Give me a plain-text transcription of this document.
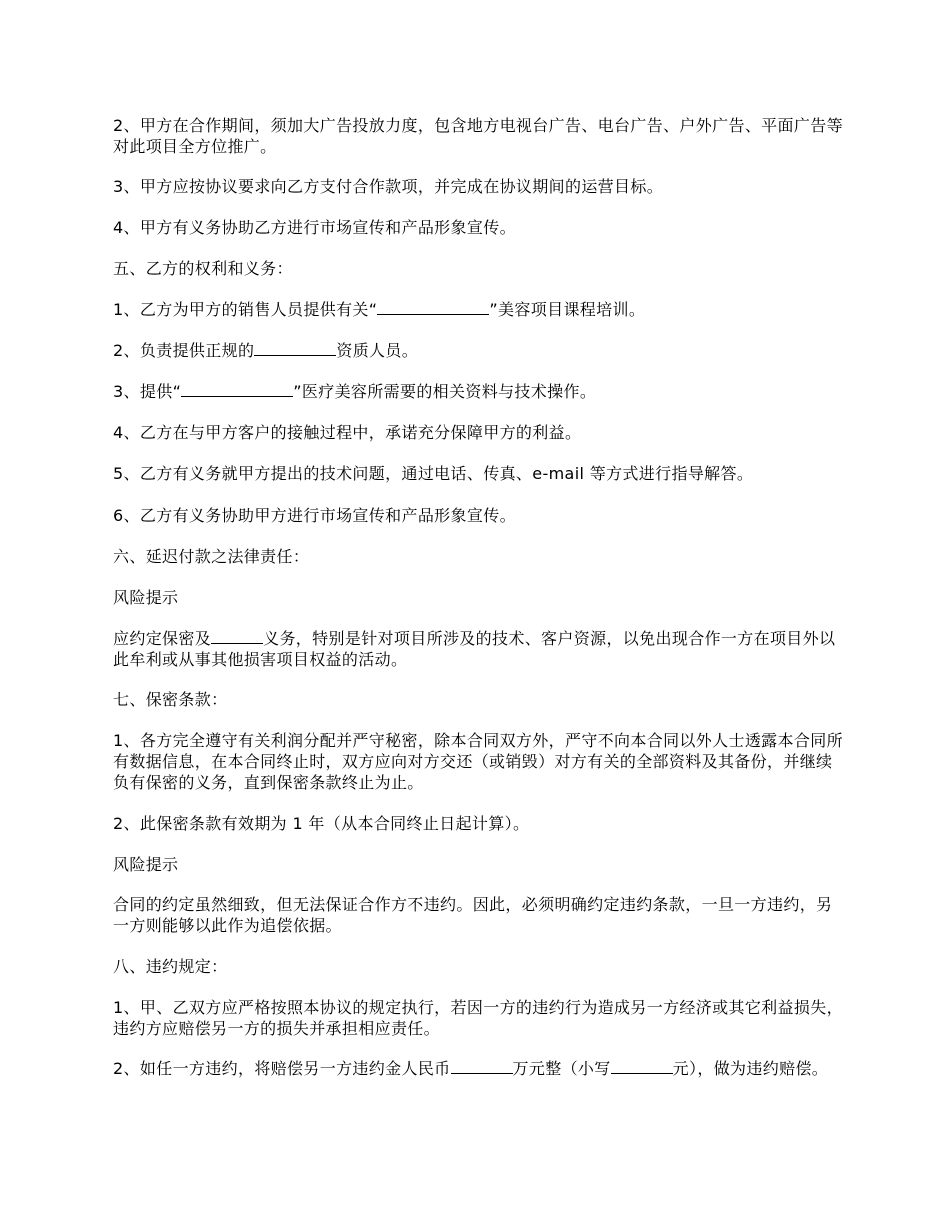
2、甲方在合作期间，须加大广告投放力度，包含地方电视台广告、电台广告、户外广告、平面广告等对此项目全方位推广。

3、甲方应按协议要求向乙方支付合作款项，并完成在协议期间的运营目标。

4、甲方有义务协助乙方进行市场宣传和产品形象宣传。

五、乙方的权利和义务：

1、乙方为甲方的销售人员提供有关“	”美容项目课程培训。

2、负责提供正规的	资质人员。

3、提供“	”医疗美容所需要的相关资料与技术操作。

4、乙方在与甲方客户的接触过程中，承诺充分保障甲方的利益。

5、乙方有义务就甲方提出的技术问题，通过电话、传真、e-mail 等方式进行指导解答。

6、乙方有义务协助甲方进行市场宣传和产品形象宣传。

六、延迟付款之法律责任：

风险提示

应约定保密及	义务，特别是针对项目所涉及的技术、客户资源，以免出现合作一方在项目外以此牟利或从事其他损害项目权益的活动。

七、保密条款：

1、各方完全遵守有关利润分配并严守秘密，除本合同双方外，严守不向本合同以外人士透露本合同所有数据信息，在本合同终止时，双方应向对方交还（或销毁）对方有关的全部资料及其备份，并继续负有保密的义务，直到保密条款终止为止。

2、此保密条款有效期为 1 年（从本合同终止日起计算）。

风险提示

合同的约定虽然细致，但无法保证合作方不违约。因此，必须明确约定违约条款，一旦一方违约，另一方则能够以此作为追偿依据。

八、违约规定：

1、甲、乙双方应严格按照本协议的规定执行，若因一方的违约行为造成另一方经济或其它利益损失，违约方应赔偿另一方的损失并承担相应责任。

2、如任一方违约，将赔偿另一方违约金人民币	万元整（小写	元），做为违约赔偿。
